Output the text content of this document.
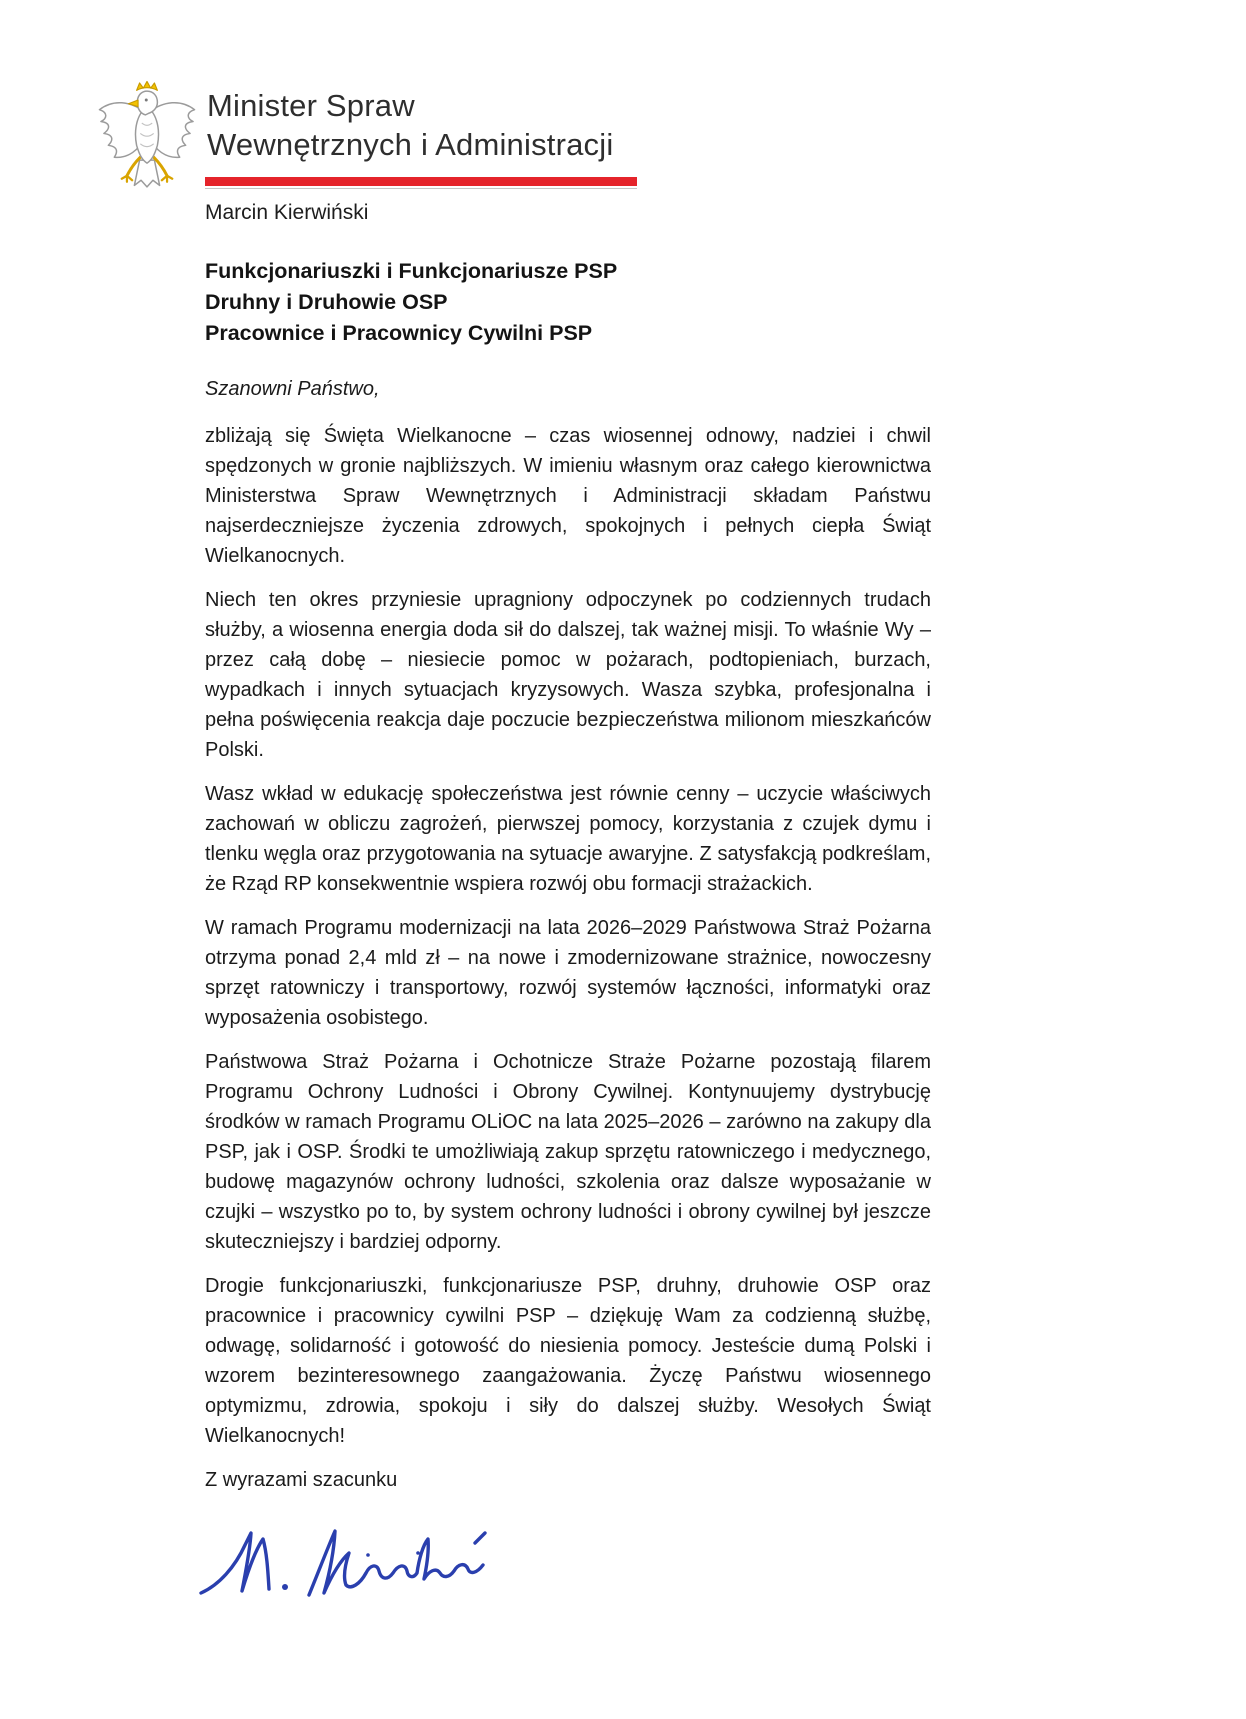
Minister Spraw
Wewnętrznych i Administracji
Marcin Kierwiński
Funkcjonariuszki i Funkcjonariusze PSP
Druhny i Druhowie OSP
Pracownice i Pracownicy Cywilni PSP
Szanowni Państwo,

zbliżają się Święta Wielkanocne – czas wiosennej odnowy, nadziei i chwil spędzonych w gronie najbliższych. W imieniu własnym oraz całego kierownictwa Ministerstwa Spraw Wewnętrznych i Administracji składam Państwu najserdeczniejsze życzenia zdrowych, spokojnych i pełnych ciepła Świąt Wielkanocnych.

Niech ten okres przyniesie upragniony odpoczynek po codziennych trudach służby, a wiosenna energia doda sił do dalszej, tak ważnej misji. To właśnie Wy – przez całą dobę – niesiecie pomoc w pożarach, podtopieniach, burzach, wypadkach i innych sytuacjach kryzysowych. Wasza szybka, profesjonalna i pełna poświęcenia reakcja daje poczucie bezpieczeństwa milionom mieszkańców Polski.

Wasz wkład w edukację społeczeństwa jest równie cenny – uczycie właściwych zachowań w obliczu zagrożeń, pierwszej pomocy, korzystania z czujek dymu i tlenku węgla oraz przygotowania na sytuacje awaryjne. Z satysfakcją podkreślam, że Rząd RP konsekwentnie wspiera rozwój obu formacji strażackich.

W ramach Programu modernizacji na lata 2026–2029 Państwowa Straż Pożarna otrzyma ponad 2,4 mld zł – na nowe i zmodernizowane strażnice, nowoczesny sprzęt ratowniczy i transportowy, rozwój systemów łączności, informatyki oraz wyposażenia osobistego.

Państwowa Straż Pożarna i Ochotnicze Straże Pożarne pozostają filarem Programu Ochrony Ludności i Obrony Cywilnej. Kontynuujemy dystrybucję środków w ramach Programu OLiOC na lata 2025–2026 – zarówno na zakupy dla PSP, jak i OSP. Środki te umożliwiają zakup sprzętu ratowniczego i medycznego, budowę magazynów ochrony ludności, szkolenia oraz dalsze wyposażanie w czujki – wszystko po to, by system ochrony ludności i obrony cywilnej był jeszcze skuteczniejszy i bardziej odporny.

Drogie funkcjonariuszki, funkcjonariusze PSP, druhny, druhowie OSP oraz pracownice i pracownicy cywilni PSP – dziękuję Wam za codzienną służbę, odwagę, solidarność i gotowość do niesienia pomocy. Jesteście dumą Polski i wzorem bezinteresownego zaangażowania. Życzę Państwu wiosennego optymizmu, zdrowia, spokoju i siły do dalszej służby. Wesołych Świąt Wielkanocnych!

Z wyrazami szacunku
